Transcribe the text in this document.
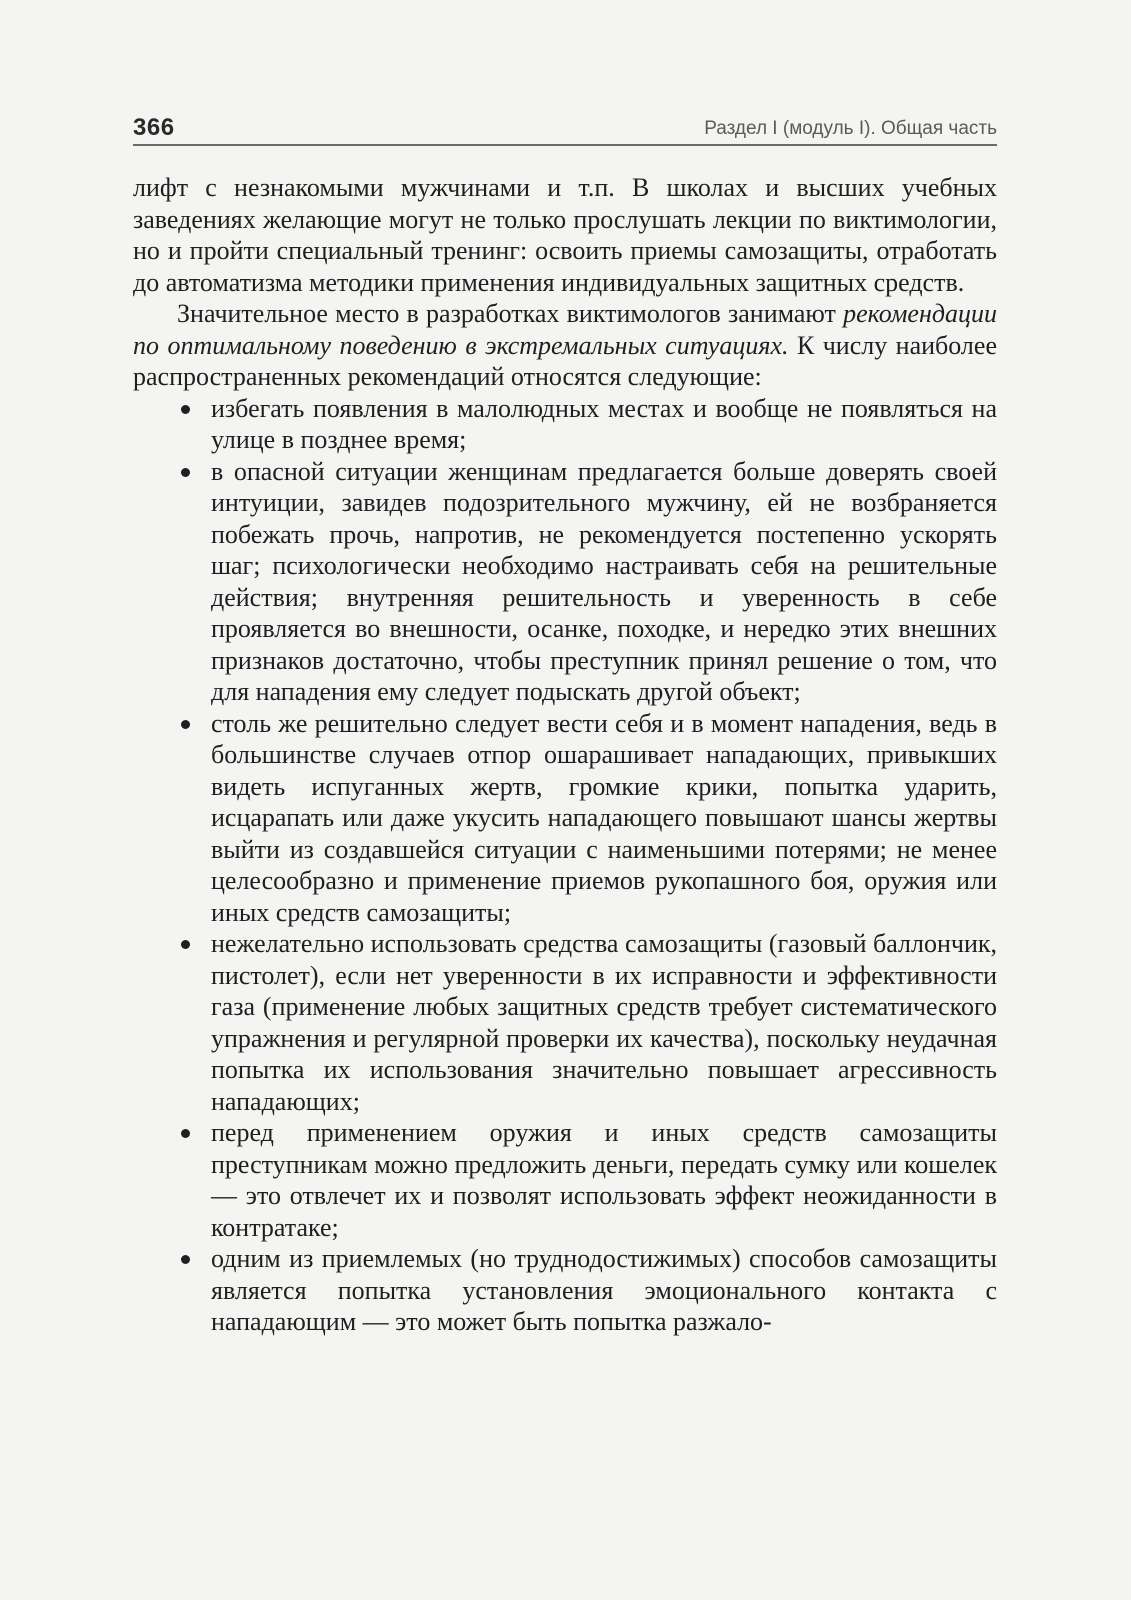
366	Раздел I (модуль I). Общая часть

лифт с незнакомыми мужчинами и т.п. В школах и высших учебных заведениях желающие могут не только прослушать лекции по виктимологии, но и пройти специальный тренинг: освоить приемы самозащиты, отработать до автоматизма методики применения индивидуальных защитных средств.

Значительное место в разработках виктимологов занимают рекомендации по оптимальному поведению в экстремальных ситуациях. К числу наиболее распространенных рекомендаций относятся следующие:

избегать появления в малолюдных местах и вообще не появляться на улице в позднее время;
в опасной ситуации женщинам предлагается больше доверять своей интуиции, завидев подозрительного мужчину, ей не возбраняется побежать прочь, напротив, не рекомендуется постепенно ускорять шаг; психологически необходимо настраивать себя на решительные действия; внутренняя решительность и уверенность в себе проявляется во внешности, осанке, походке, и нередко этих внешних признаков достаточно, чтобы преступник принял решение о том, что для нападения ему следует подыскать другой объект;
столь же решительно следует вести себя и в момент нападения, ведь в большинстве случаев отпор ошарашивает нападающих, привыкших видеть испуганных жертв, громкие крики, попытка ударить, исцарапать или даже укусить нападающего повышают шансы жертвы выйти из создавшейся ситуации с наименьшими потерями; не менее целесообразно и применение приемов рукопашного боя, оружия или иных средств самозащиты;
нежелательно использовать средства самозащиты (газовый баллончик, пистолет), если нет уверенности в их исправности и эффективности газа (применение любых защитных средств требует систематического упражнения и регулярной проверки их качества), поскольку неудачная попытка их использования значительно повышает агрессивность нападающих;
перед применением оружия и иных средств самозащиты преступникам можно предложить деньги, передать сумку или кошелек — это отвлечет их и позволят использовать эффект неожиданности в контратаке;
одним из приемлемых (но труднодостижимых) способов самозащиты является попытка установления эмоционального контакта с нападающим — это может быть попытка разжало-
